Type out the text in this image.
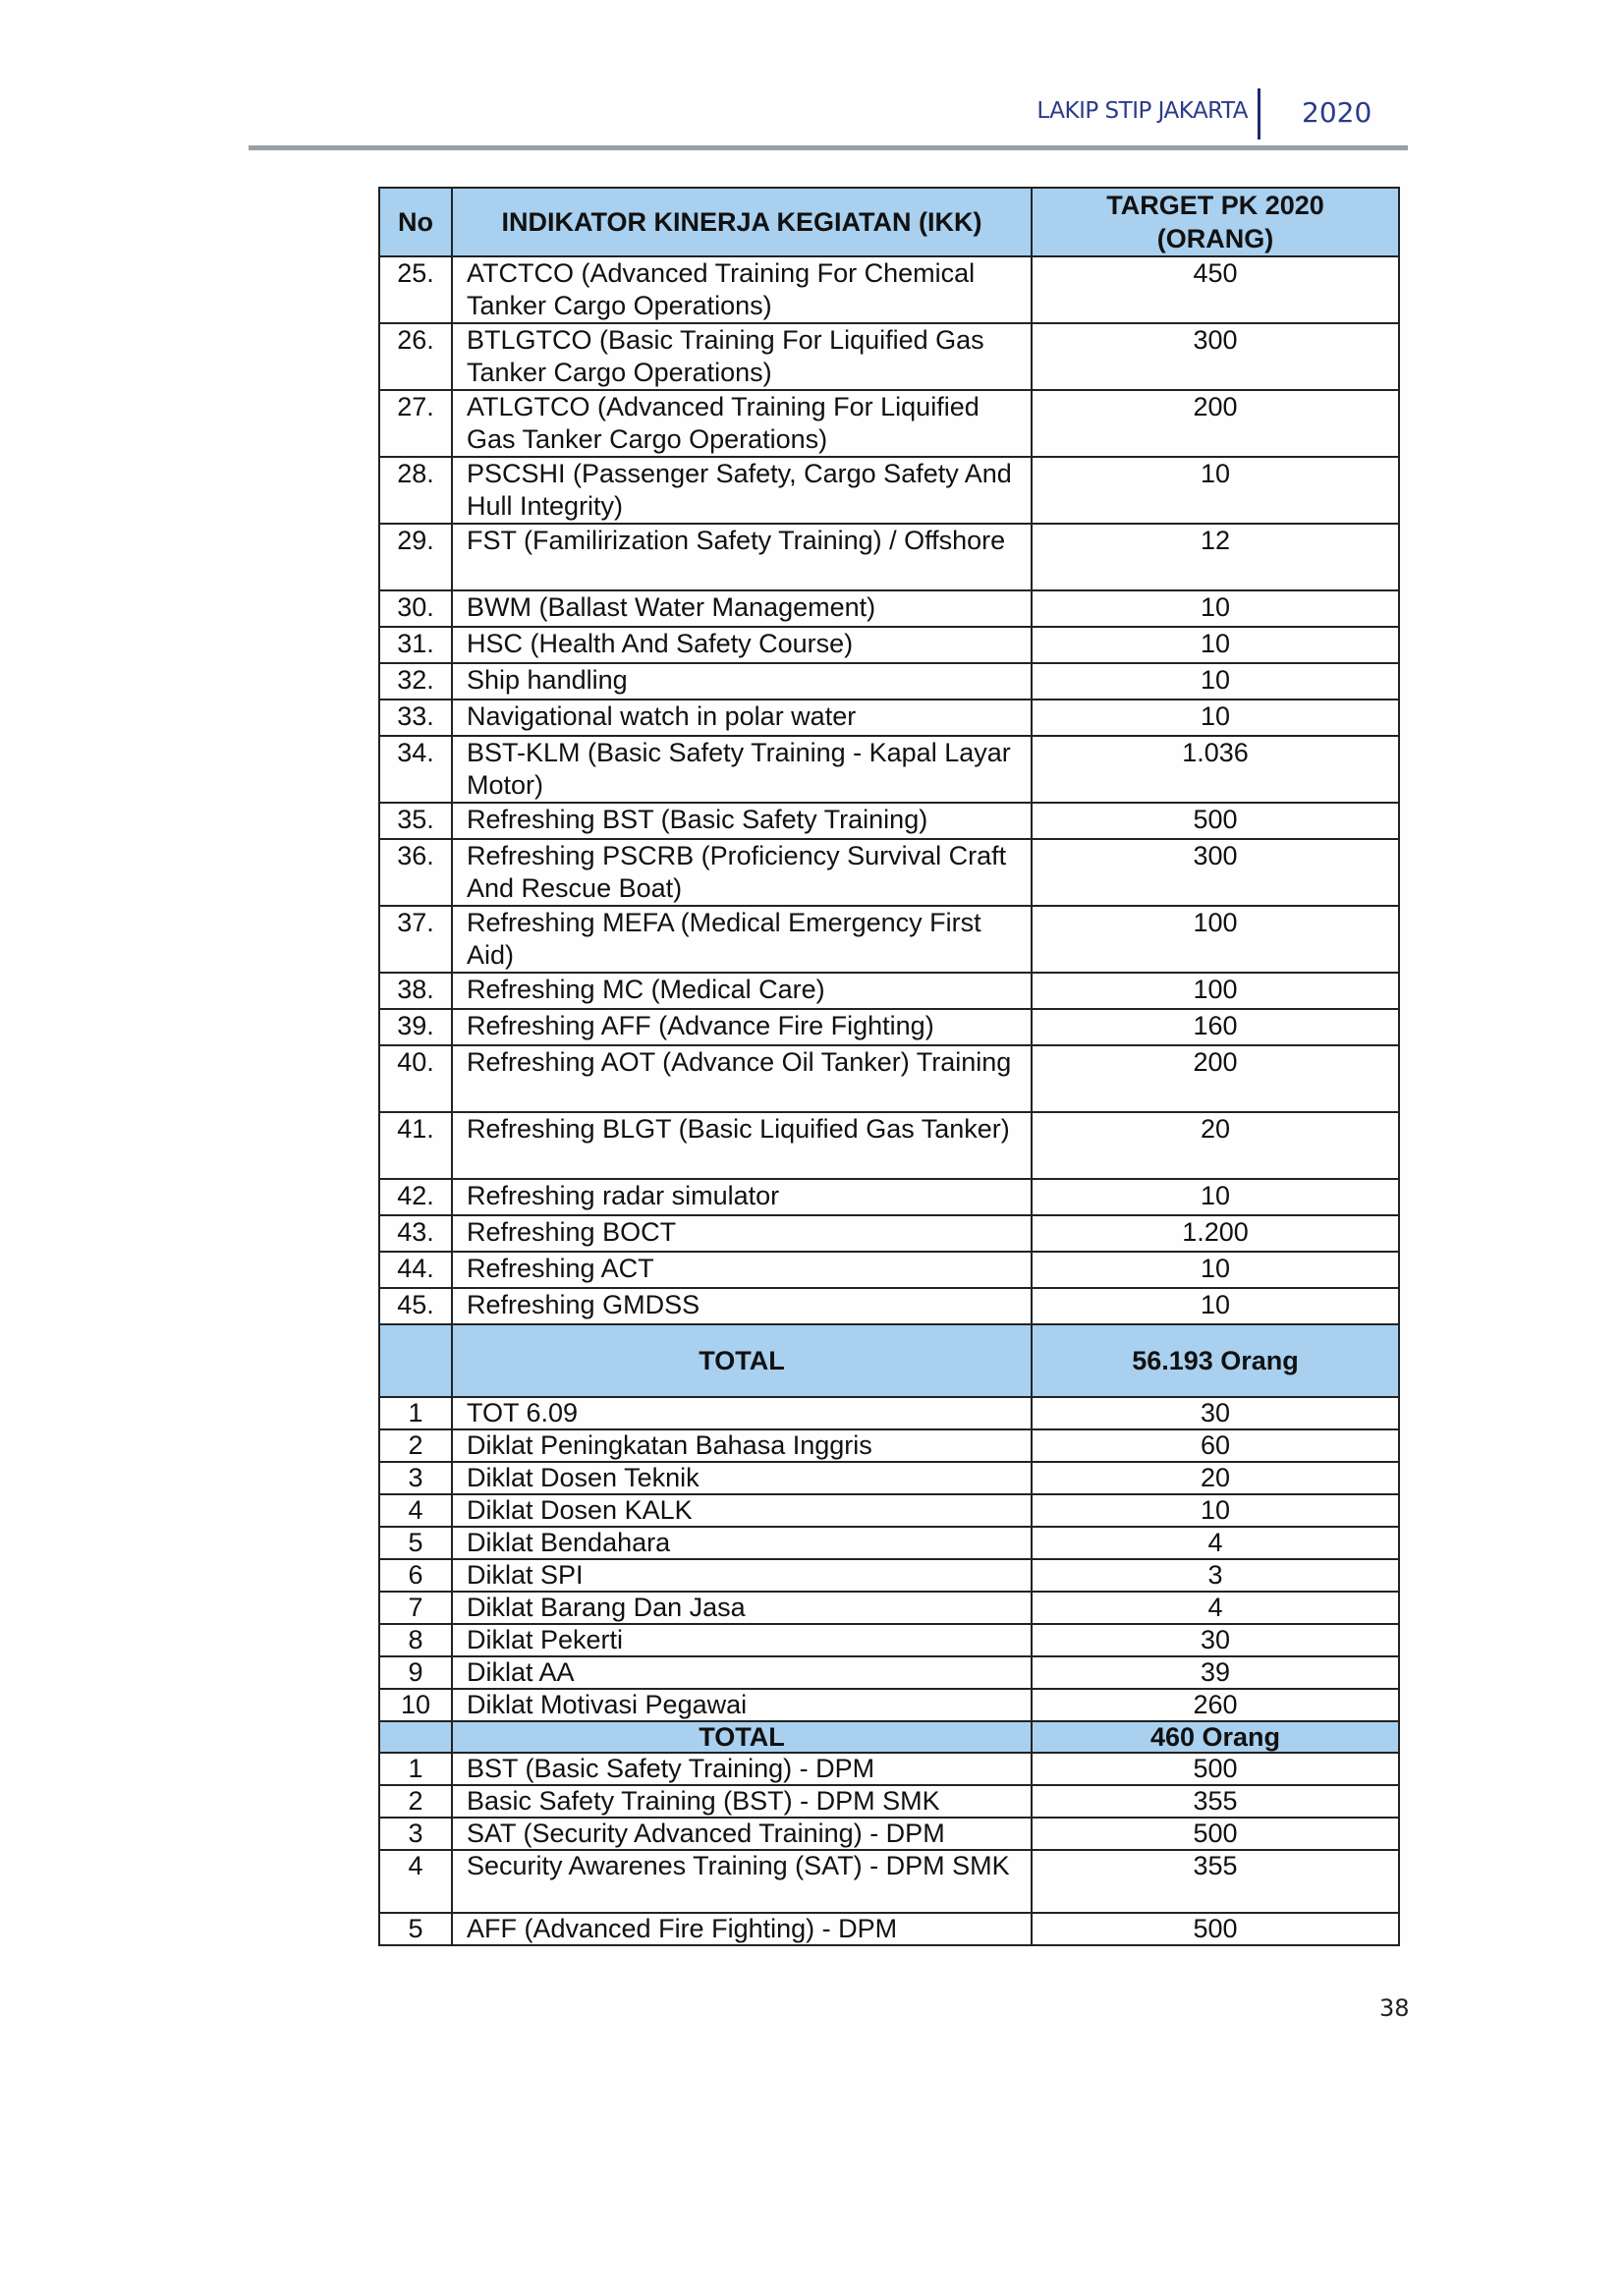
LAKIP STIP JAKARTA 2020
No	INDIKATOR KINERJA KEGIATAN (IKK)	TARGET PK 2020 (ORANG)
25.	ATCTCO (Advanced Training For Chemical Tanker Cargo Operations)	450
26.	BTLGTCO (Basic Training For Liquified Gas Tanker Cargo Operations)	300
27.	ATLGTCO (Advanced Training For Liquified Gas Tanker Cargo Operations)	200
28.	PSCSHI (Passenger Safety, Cargo Safety And Hull Integrity)	10
29.	FST (Familirization Safety Training) / Offshore	12
30.	BWM (Ballast Water Management)	10
31.	HSC (Health And Safety Course)	10
32.	Ship handling	10
33.	Navigational watch in polar water	10
34.	BST-KLM (Basic Safety Training - Kapal Layar Motor)	1.036
35.	Refreshing BST (Basic Safety Training)	500
36.	Refreshing PSCRB (Proficiency Survival Craft And Rescue Boat)	300
37.	Refreshing MEFA (Medical Emergency First Aid)	100
38.	Refreshing MC (Medical Care)	100
39.	Refreshing AFF (Advance Fire Fighting)	160
40.	Refreshing AOT (Advance Oil Tanker) Training	200
41.	Refreshing BLGT (Basic Liquified Gas Tanker)	20
42.	Refreshing radar simulator	10
43.	Refreshing BOCT	1.200
44.	Refreshing ACT	10
45.	Refreshing GMDSS	10
	TOTAL	56.193 Orang
1	TOT 6.09	30
2	Diklat Peningkatan Bahasa Inggris	60
3	Diklat Dosen Teknik	20
4	Diklat Dosen KALK	10
5	Diklat Bendahara	4
6	Diklat SPI	3
7	Diklat Barang Dan Jasa	4
8	Diklat Pekerti	30
9	Diklat AA	39
10	Diklat Motivasi Pegawai	260
	TOTAL	460 Orang
1	BST (Basic Safety Training) - DPM	500
2	Basic Safety Training (BST) - DPM SMK	355
3	SAT (Security Advanced Training) - DPM	500
4	Security Awarenes Training (SAT) - DPM SMK	355
5	AFF (Advanced Fire Fighting) - DPM	500
38
